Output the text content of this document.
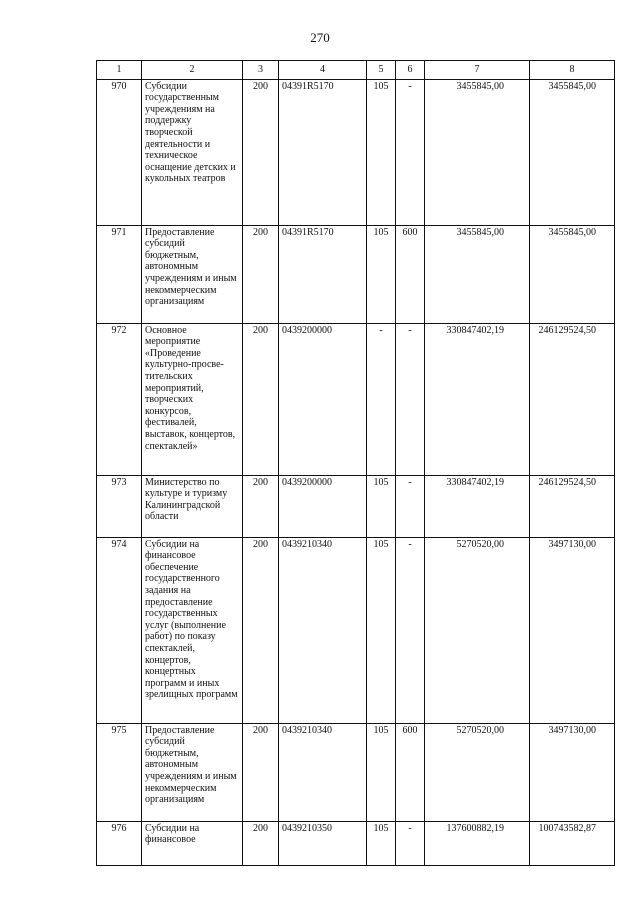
270
1	2	3	4	5	6	7	8
970	Субсидии государственным учреждениям на поддержку творческой деятельности и техническое оснащение детских и кукольных театров	200	04391R5170	105	-	3455845,00	3455845,00
971	Предоставление субсидий бюджетным, автономным учреждениям и иным некоммерческим организациям	200	04391R5170	105	600	3455845,00	3455845,00
972	Основное мероприятие «Проведение культурно-просве-тительских мероприятий, творческих конкурсов, фестивалей, выставок, концертов, спектаклей»	200	0439200000	-	-	330847402,19	246129524,50
973	Министерство по культуре и туризму Калининградской области	200	0439200000	105	-	330847402,19	246129524,50
974	Субсидии на финансовое обеспечение государственного задания на предоставление государственных услуг (выполнение работ) по показу спектаклей, концертов, концертных программ и иных зрелищных программ	200	0439210340	105	-	5270520,00	3497130,00
975	Предоставление субсидий бюджетным, автономным учреждениям и иным некоммерческим организациям	200	0439210340	105	600	5270520,00	3497130,00
976	Субсидии на финансовое	200	0439210350	105	-	137600882,19	100743582,87
